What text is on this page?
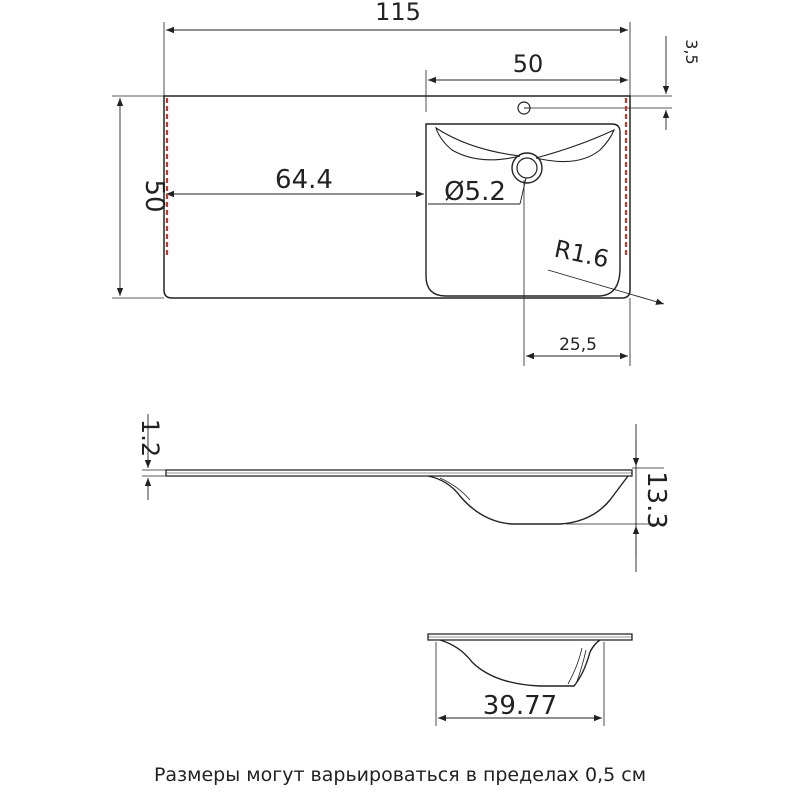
115
50	3,5
50	64.4	Ø5.2
R1.6
25,5
1.2
13.3
39.77
Размеры могут варьироваться в пределах 0,5 см
